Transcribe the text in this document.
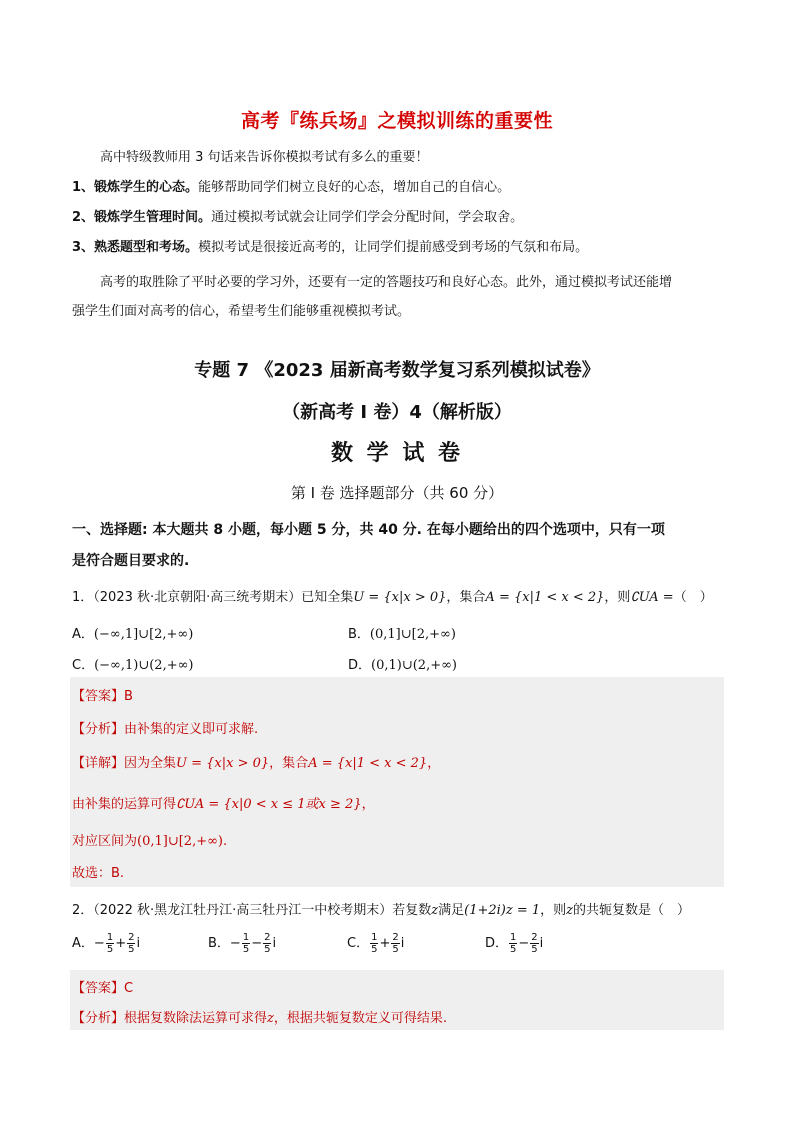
高考『练兵场』之模拟训练的重要性
高中特级教师用 3 句话来告诉你模拟考试有多么的重要！
1、锻炼学生的心态。能够帮助同学们树立良好的心态，增加自己的自信心。
2、锻炼学生管理时间。通过模拟考试就会让同学们学会分配时间，学会取舍。
3、熟悉题型和考场。模拟考试是很接近高考的，让同学们提前感受到考场的气氛和布局。
高考的取胜除了平时必要的学习外，还要有一定的答题技巧和良好心态。此外，通过模拟考试还能增
强学生们面对高考的信心，希望考生们能够重视模拟考试。
专题 7 《2023 届新高考数学复习系列模拟试卷》
（新高考 I 卷）4（解析版）
数 学 试 卷
第 I 卷 选择题部分（共 60 分）
一、选择题: 本大题共 8 小题，每小题 5 分，共 40 分. 在每小题给出的四个选项中，只有一项
是符合题目要求的.
1．（2023 秋·北京朝阳·高三统考期末）已知全集U = {x|x > 0}，集合A = {x|1 < x < 2}，则∁UA =（　）
A．(−∞,1]∪[2,+∞)	B．(0,1]∪[2,+∞)
C．(−∞,1)∪(2,+∞)	D．(0,1)∪(2,+∞)
【答案】B
【分析】由补集的定义即可求解.
【详解】因为全集U = {x|x > 0}，集合A = {x|1 < x < 2}，
由补集的运算可得∁UA = {x|0 < x ≤ 1或x ≥ 2}，
对应区间为(0,1]∪[2,+∞).
故选：B.
2．（2022 秋·黑龙江牡丹江·高三牡丹江一中校考期末）若复数z满足(1+2i)z = 1，则z的共轭复数是（　）
A．− $\frac{1}{5} + \frac{2}{5}$ i	B．− $\frac{1}{5} - \frac{2}{5}$ i	C． $\frac{1}{5} + \frac{2}{5}$ i	D． $\frac{1}{5} - \frac{2}{5}$ i
【答案】C
【分析】根据复数除法运算可求得z，根据共轭复数定义可得结果.
